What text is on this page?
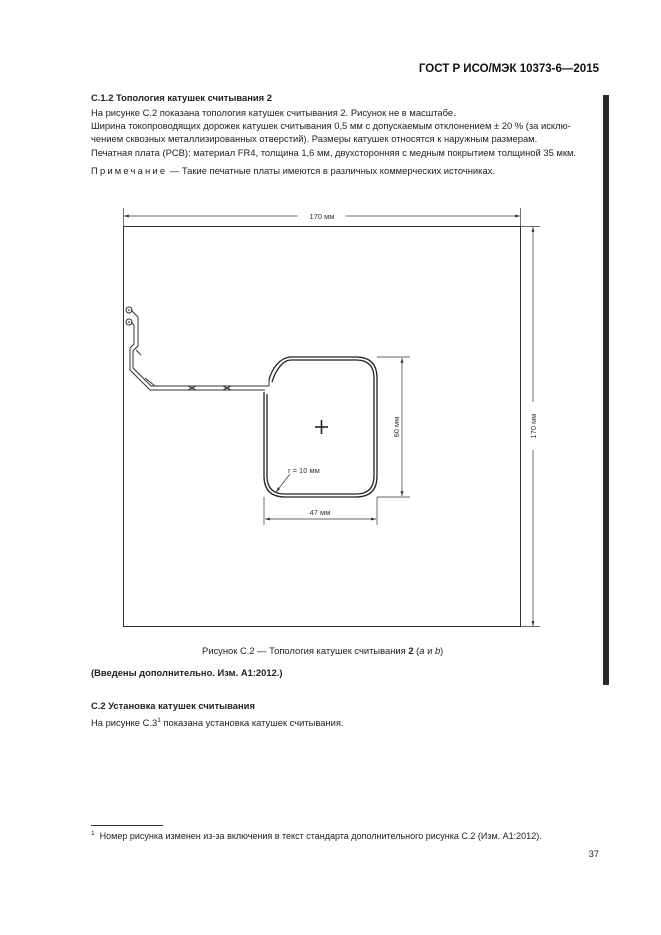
ГОСТ Р ИСО/МЭК 10373-6—2015
С.1.2 Топология катушек считывания 2
На рисунке С.2 показана топология катушек считывания 2. Рисунок не в масштабе.
Ширина токопроводящих дорожек катушек считывания 0,5 мм с допускаемым отклонением ± 20 % (за исклю-
чением сквозных металлизированных отверстий). Размеры катушек относятся к наружным размерам.
Печатная плата (PCB): материал FR4, толщина 1,6 мм, двухсторонняя с медным покрытием толщиной 35 мкм.
Примечание — Такие печатные платы имеются в различных коммерческих источниках.
170 мм
170 мм
60 мм
47 мм
r = 10 мм
Рисунок С.2 — Топология катушек считывания 2 (a и b)
(Введены дополнительно. Изм. А1:2012.)
С.2 Установка катушек считывания
На рисунке $С.3^1$ показана установка катушек считывания.
$^1$ Номер рисунка изменен из-за включения в текст стандарта дополнительного рисунка С.2 (Изм. А1:2012).
37
